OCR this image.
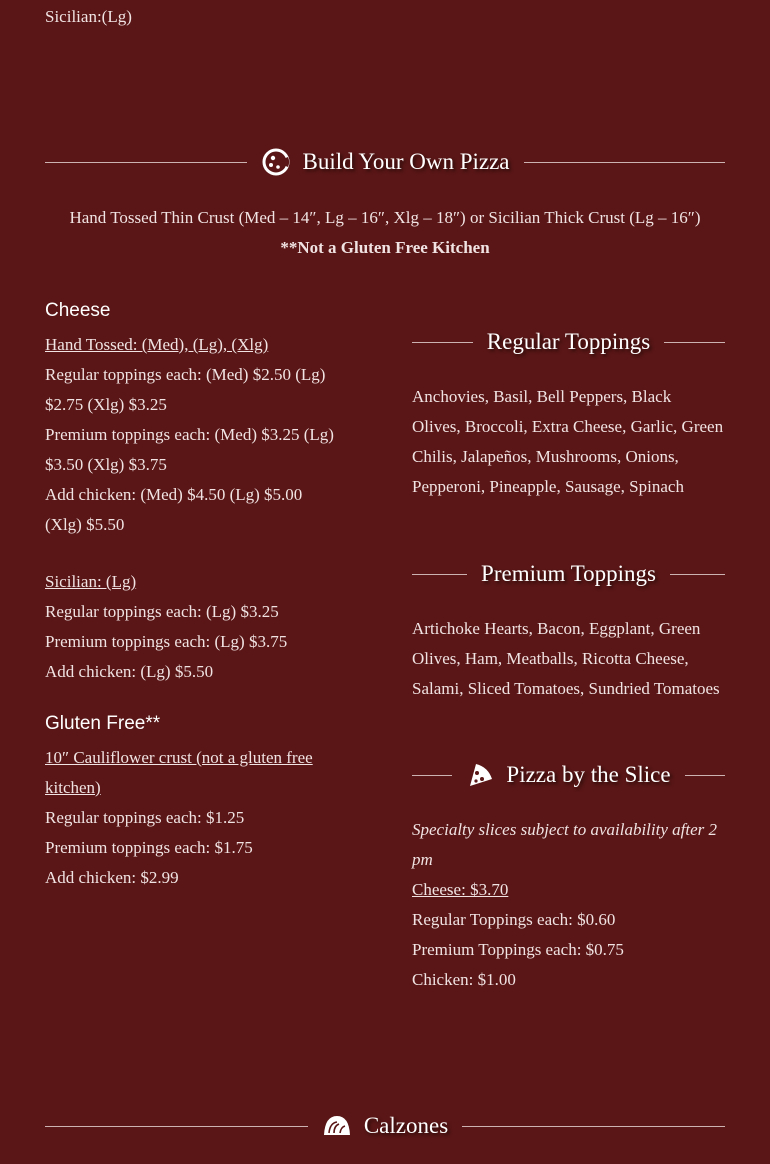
Sicilian:(Lg)
Build Your Own Pizza
Hand Tossed Thin Crust (Med – 14″, Lg – 16″, Xlg – 18″) or Sicilian Thick Crust (Lg – 16″)
**Not a Gluten Free Kitchen
Cheese
Hand Tossed: (Med), (Lg), (Xlg)
Regular toppings each: (Med) $2.50 (Lg)
$2.75 (Xlg) $3.25
Premium toppings each: (Med) $3.25 (Lg)
$3.50 (Xlg) $3.75
Add chicken: (Med) $4.50 (Lg) $5.00
(Xlg) $5.50
Sicilian: (Lg)
Regular toppings each: (Lg) $3.25
Premium toppings each: (Lg) $3.75
Add chicken: (Lg) $5.50
Gluten Free**
10″ Cauliflower crust (not a gluten free kitchen)
Regular toppings each: $1.25
Premium toppings each: $1.75
Add chicken: $2.99
Regular Toppings
Anchovies, Basil, Bell Peppers, Black Olives, Broccoli, Extra Cheese, Garlic, Green Chilis, Jalapeños, Mushrooms, Onions, Pepperoni, Pineapple, Sausage, Spinach
Premium Toppings
Artichoke Hearts, Bacon, Eggplant, Green Olives, Ham, Meatballs, Ricotta Cheese, Salami, Sliced Tomatoes, Sundried Tomatoes
Pizza by the Slice
Specialty slices subject to availability after 2 pm
Cheese: $3.70
Regular Toppings each: $0.60
Premium Toppings each: $0.75
Chicken: $1.00
Calzones
